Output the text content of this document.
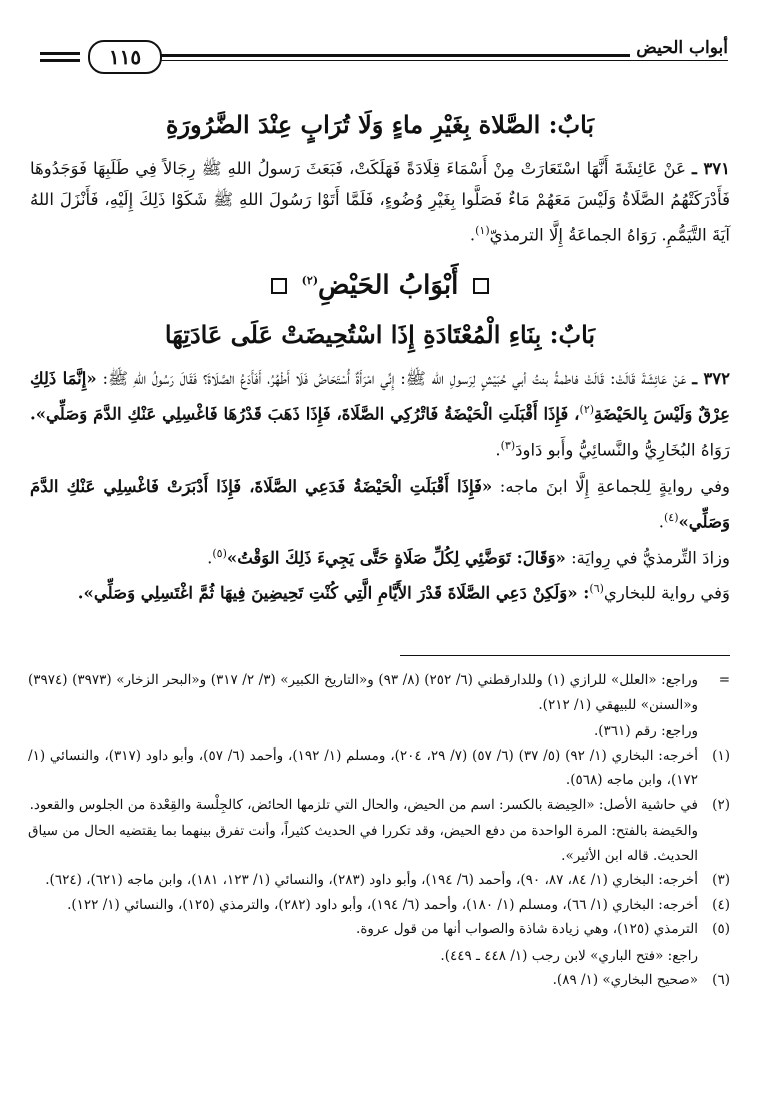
١١٥	أبواب الحيض
بَابٌ: الصَّلاة بِغَيْرِ ماءٍ وَلَا تُرَابٍ عِنْدَ الضَّرُورَةِ

٣٧١ ـ عَنْ عَائِشَةَ أَنَّهَا اسْتَعَارَتْ مِنْ أَسْمَاءَ قِلَادَةً فَهَلَكَتْ، فَبَعَثَ رَسولُ اللهِ ﷺ رِجَالاً فِي طَلَبِهَا فَوَجَدُوهَا فَأَدْرَكَتْهُمُ الصَّلَاةُ وَلَيْسَ مَعَهُمْ مَاءٌ فَصَلَّوا بِغَيْرِ وُضُوءٍ، فَلَمَّا أَتَوْا رَسُولَ اللهِ ﷺ شَكَوْا ذَلِكَ إِلَيْهِ، فَأَنْزَلَ اللهُ آيَةَ التَّيَمُّمِ. رَوَاهُ الجماعَةُ إِلَّا الترمذيّ$^{(١)}$.

أَبْوَابُ الحَيْضِ$^{(٢)}$
بَابٌ: بِنَاءِ الْمُعْتَادَةِ إِذَا اسْتُحِيضَتْ عَلَى عَادَتِهَا

٣٧٢ ـ عَنْ عَائِشَةَ قَالَتْ: قَالَتْ فاطمةُ بنتُ أبي حُبَيْشٍ لِرَسولِ الله ﷺ: إِنِّي امْرَأَةٌ أُسْتَحَاضُ فَلَا أَطْهُرُ، أَفَأَدَعُ الصَّلَاةَ؟ فَقَالَ رَسُولُ اللهِ ﷺ: «إِنَّمَا ذَلِكِ عِرْقٌ وَلَيْسَ بِالحَيْضَةِ$^{(٢)}$، فَإِذَا أَقْبَلَتِ الْحَيْضَةُ فَاتْرُكِي الصَّلَاةَ، فَإِذَا ذَهَبَ قَدْرُهَا فَاغْسِلِي عَنْكِ الدَّمَ وَصَلِّي». رَوَاهُ البُخَارِيُّ والنَّسائِيُّ وأَبو دَاودَ$^{(٣)}$.

وفي روايةٍ لِلجماعةِ إِلَّا ابنَ ماجه: «فَإِذَا أَقْبَلَتِ الْحَيْضَةُ فَدَعِي الصَّلَاةَ، فَإِذَا أَدْبَرَتْ فَاغْسِلِي عَنْكِ الدَّمَ وَصَلِّي»$^{(٤)}$.

وزادَ التِّرمذيُّ في رِوايَة: «وَقَالَ: تَوَضَّئِي لِكُلِّ صَلَاةٍ حَتَّى يَجِيءَ ذَلِكَ الوَقْتُ»$^{(٥)}$.

وَفي رواية للبخاري$^{(٦)}$: «وَلَكِنْ دَعِي الصَّلَاةَ قَدْرَ الأَيَّامِ الَّتِي كُنْتِ تَحِيضِينَ فِيهَا ثُمَّ اغْتَسِلِي وَصَلِّي».

=
وراجع: «العلل» للرازي (١) وللدارقطني (٦/ ٢٥٢) (٨/ ٩٣) و«التاريخ الكبير» (٣/ ٢/ ٣١٧) و«البحر الزخار» (٣٩٧٣) (٣٩٧٤) و«السنن» للبيهقي (١/ ٢١٢).
وراجع: رقم (٣٦١).
(١)
أخرجه: البخاري (١/ ٩٢) (٥/ ٣٧) (٦/ ٥٧) (٧/ ٢٩، ٢٠٤)، ومسلم (١/ ١٩٢)، وأحمد (٦/ ٥٧)، وأبو داود (٣١٧)، والنسائي (١/ ١٧٢)، وابن ماجه (٥٦٨).
(٢)
في حاشية الأصل: «الحِيضة بالكسر: اسم من الحيض، والحال التي تلزمها الحائض، كالجِلْسة والقِعْدة من الجلوس والقعود.
والحَيضة بالفتح: المرة الواحدة من دفع الحيض، وقد تكررا في الحديث كثيراً، وأنت تفرق بينهما بما يقتضيه الحال من سياق الحديث. قاله ابن الأثير».
(٣)
أخرجه: البخاري (١/ ٨٤، ٨٧، ٩٠)، وأحمد (٦/ ١٩٤)، وأبو داود (٢٨٣)، والنسائي (١/ ١٢٣، ١٨١)، وابن ماجه (٦٢١)، (٦٢٤).
(٤)
أخرجه: البخاري (١/ ٦٦)، ومسلم (١/ ١٨٠)، وأحمد (٦/ ١٩٤)، وأبو داود (٢٨٢)، والترمذي (١٢٥)، والنسائي (١/ ١٢٢).
(٥)
الترمذي (١٢٥)، وهي زيادة شاذة والصواب أنها من قول عروة.
راجع: «فتح الباري» لابن رجب (١/ ٤٤٨ ـ ٤٤٩).
(٦)
«صحيح البخاري» (١/ ٨٩).
